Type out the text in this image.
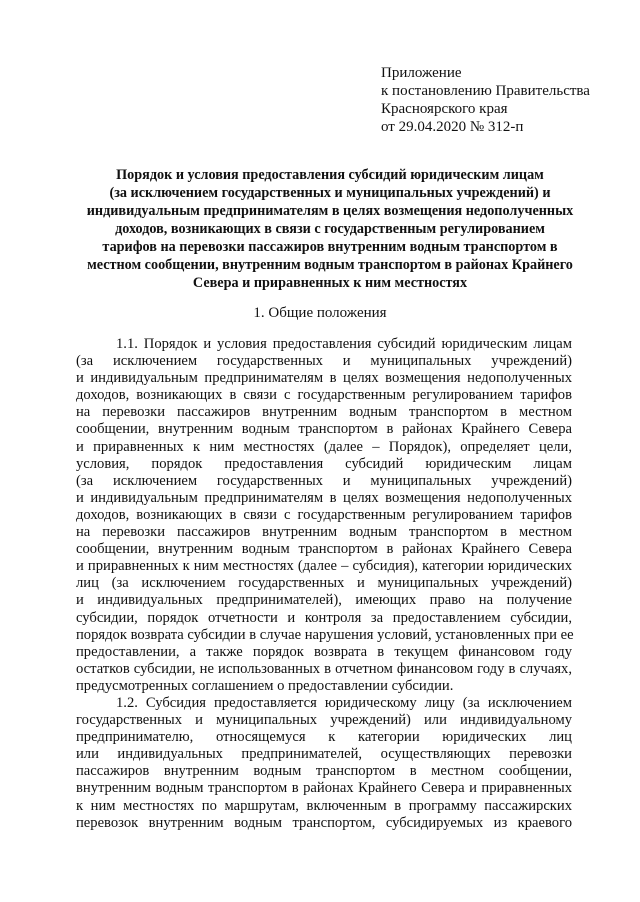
Приложение
к постановлению Правительства
Красноярского края
от 29.04.2020 № 312-п
Порядок и условия предоставления субсидий юридическим лицам
(за исключением государственных и муниципальных учреждений) и
индивидуальным предпринимателям в целях возмещения недополученных
доходов, возникающих в связи с государственным регулированием
тарифов на перевозки пассажиров внутренним водным транспортом в
местном сообщении, внутренним водным транспортом в районах Крайнего
Севера и приравненных к ним местностях
1. Общие положения
1.1. Порядок и условия предоставления субсидий юридическим лицам
(за исключением государственных и муниципальных учреждений)
и индивидуальным предпринимателям в целях возмещения недополученных
доходов, возникающих в связи с государственным регулированием тарифов
на перевозки пассажиров внутренним водным транспортом в местном
сообщении, внутренним водным транспортом в районах Крайнего Севера
и приравненных к ним местностях (далее – Порядок), определяет цели,
условия, порядок предоставления субсидий юридическим лицам
(за исключением государственных и муниципальных учреждений)
и индивидуальным предпринимателям в целях возмещения недополученных
доходов, возникающих в связи с государственным регулированием тарифов
на перевозки пассажиров внутренним водным транспортом в местном
сообщении, внутренним водным транспортом в районах Крайнего Севера
и приравненных к ним местностях (далее – субсидия), категории юридических
лиц (за исключением государственных и муниципальных учреждений)
и индивидуальных предпринимателей), имеющих право на получение
субсидии, порядок отчетности и контроля за предоставлением субсидии,
порядок возврата субсидии в случае нарушения условий, установленных при ее
предоставлении, а также порядок возврата в текущем финансовом году
остатков субсидии, не использованных в отчетном финансовом году в случаях,
предусмотренных соглашением о предоставлении субсидии.
1.2. Субсидия предоставляется юридическому лицу (за исключением
государственных и муниципальных учреждений) или индивидуальному
предпринимателю, относящемуся к категории юридических лиц
или индивидуальных предпринимателей, осуществляющих перевозки
пассажиров внутренним водным транспортом в местном сообщении,
внутренним водным транспортом в районах Крайнего Севера и приравненных
к ним местностях по маршрутам, включенным в программу пассажирских
перевозок внутренним водным транспортом, субсидируемых из краевого
